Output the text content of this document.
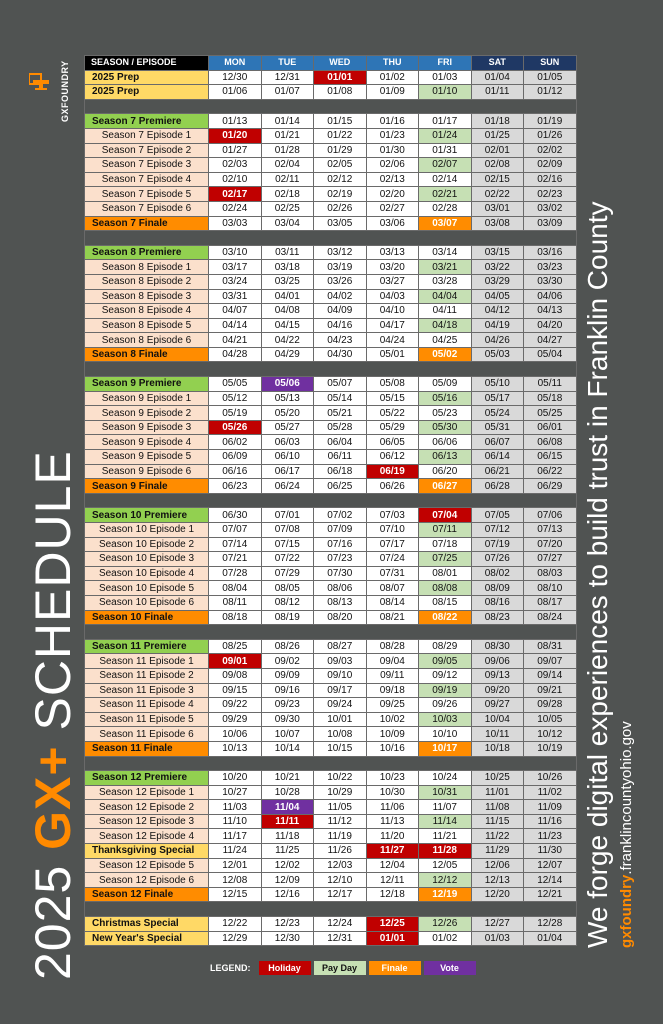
GXFOUNDRY
2025 GX+ SCHEDULE
SEASON / EPISODE	MON	TUE	WED	THU	FRI	SAT	SUN
2025 Prep	12/30	12/31	01/01	01/02	01/03	01/04	01/05
2025 Prep	01/06	01/07	01/08	01/09	01/10	01/11	01/12

Season 7 Premiere	01/13	01/14	01/15	01/16	01/17	01/18	01/19
Season 7 Episode 1	01/20	01/21	01/22	01/23	01/24	01/25	01/26
Season 7 Episode 2	01/27	01/28	01/29	01/30	01/31	02/01	02/02
Season 7 Episode 3	02/03	02/04	02/05	02/06	02/07	02/08	02/09
Season 7 Episode 4	02/10	02/11	02/12	02/13	02/14	02/15	02/16
Season 7 Episode 5	02/17	02/18	02/19	02/20	02/21	02/22	02/23
Season 7 Episode 6	02/24	02/25	02/26	02/27	02/28	03/01	03/02
Season 7 Finale	03/03	03/04	03/05	03/06	03/07	03/08	03/09

Season 8 Premiere	03/10	03/11	03/12	03/13	03/14	03/15	03/16
Season 8 Episode 1	03/17	03/18	03/19	03/20	03/21	03/22	03/23
Season 8 Episode 2	03/24	03/25	03/26	03/27	03/28	03/29	03/30
Season 8 Episode 3	03/31	04/01	04/02	04/03	04/04	04/05	04/06
Season 8 Episode 4	04/07	04/08	04/09	04/10	04/11	04/12	04/13
Season 8 Episode 5	04/14	04/15	04/16	04/17	04/18	04/19	04/20
Season 8 Episode 6	04/21	04/22	04/23	04/24	04/25	04/26	04/27
Season 8 Finale	04/28	04/29	04/30	05/01	05/02	05/03	05/04

Season 9 Premiere	05/05	05/06	05/07	05/08	05/09	05/10	05/11
Season 9 Episode 1	05/12	05/13	05/14	05/15	05/16	05/17	05/18
Season 9 Episode 2	05/19	05/20	05/21	05/22	05/23	05/24	05/25
Season 9 Episode 3	05/26	05/27	05/28	05/29	05/30	05/31	06/01
Season 9 Episode 4	06/02	06/03	06/04	06/05	06/06	06/07	06/08
Season 9 Episode 5	06/09	06/10	06/11	06/12	06/13	06/14	06/15
Season 9 Episode 6	06/16	06/17	06/18	06/19	06/20	06/21	06/22
Season 9 Finale	06/23	06/24	06/25	06/26	06/27	06/28	06/29

Season 10 Premiere	06/30	07/01	07/02	07/03	07/04	07/05	07/06
Season 10 Episode 1	07/07	07/08	07/09	07/10	07/11	07/12	07/13
Season 10 Episode 2	07/14	07/15	07/16	07/17	07/18	07/19	07/20
Season 10 Episode 3	07/21	07/22	07/23	07/24	07/25	07/26	07/27
Season 10 Episode 4	07/28	07/29	07/30	07/31	08/01	08/02	08/03
Season 10 Episode 5	08/04	08/05	08/06	08/07	08/08	08/09	08/10
Season 10 Episode 6	08/11	08/12	08/13	08/14	08/15	08/16	08/17
Season 10 Finale	08/18	08/19	08/20	08/21	08/22	08/23	08/24

Season 11 Premiere	08/25	08/26	08/27	08/28	08/29	08/30	08/31
Season 11 Episode 1	09/01	09/02	09/03	09/04	09/05	09/06	09/07
Season 11 Episode 2	09/08	09/09	09/10	09/11	09/12	09/13	09/14
Season 11 Episode 3	09/15	09/16	09/17	09/18	09/19	09/20	09/21
Season 11 Episode 4	09/22	09/23	09/24	09/25	09/26	09/27	09/28
Season 11 Episode 5	09/29	09/30	10/01	10/02	10/03	10/04	10/05
Season 11 Episode 6	10/06	10/07	10/08	10/09	10/10	10/11	10/12
Season 11 Finale	10/13	10/14	10/15	10/16	10/17	10/18	10/19

Season 12 Premiere	10/20	10/21	10/22	10/23	10/24	10/25	10/26
Season 12 Episode 1	10/27	10/28	10/29	10/30	10/31	11/01	11/02
Season 12 Episode 2	11/03	11/04	11/05	11/06	11/07	11/08	11/09
Season 12 Episode 3	11/10	11/11	11/12	11/13	11/14	11/15	11/16
Season 12 Episode 4	11/17	11/18	11/19	11/20	11/21	11/22	11/23
Thanksgiving Special	11/24	11/25	11/26	11/27	11/28	11/29	11/30
Season 12 Episode 5	12/01	12/02	12/03	12/04	12/05	12/06	12/07
Season 12 Episode 6	12/08	12/09	12/10	12/11	12/12	12/13	12/14
Season 12 Finale	12/15	12/16	12/17	12/18	12/19	12/20	12/21

Christmas Special	12/22	12/23	12/24	12/25	12/26	12/27	12/28
New Year's Special	12/29	12/30	12/31	01/01	01/02	01/03	01/04
LEGEND:	Holiday	Pay Day	Finale	Vote
We forge digital experiences to build trust in Franklin County gxfoundry.franklincountyohio.gov
